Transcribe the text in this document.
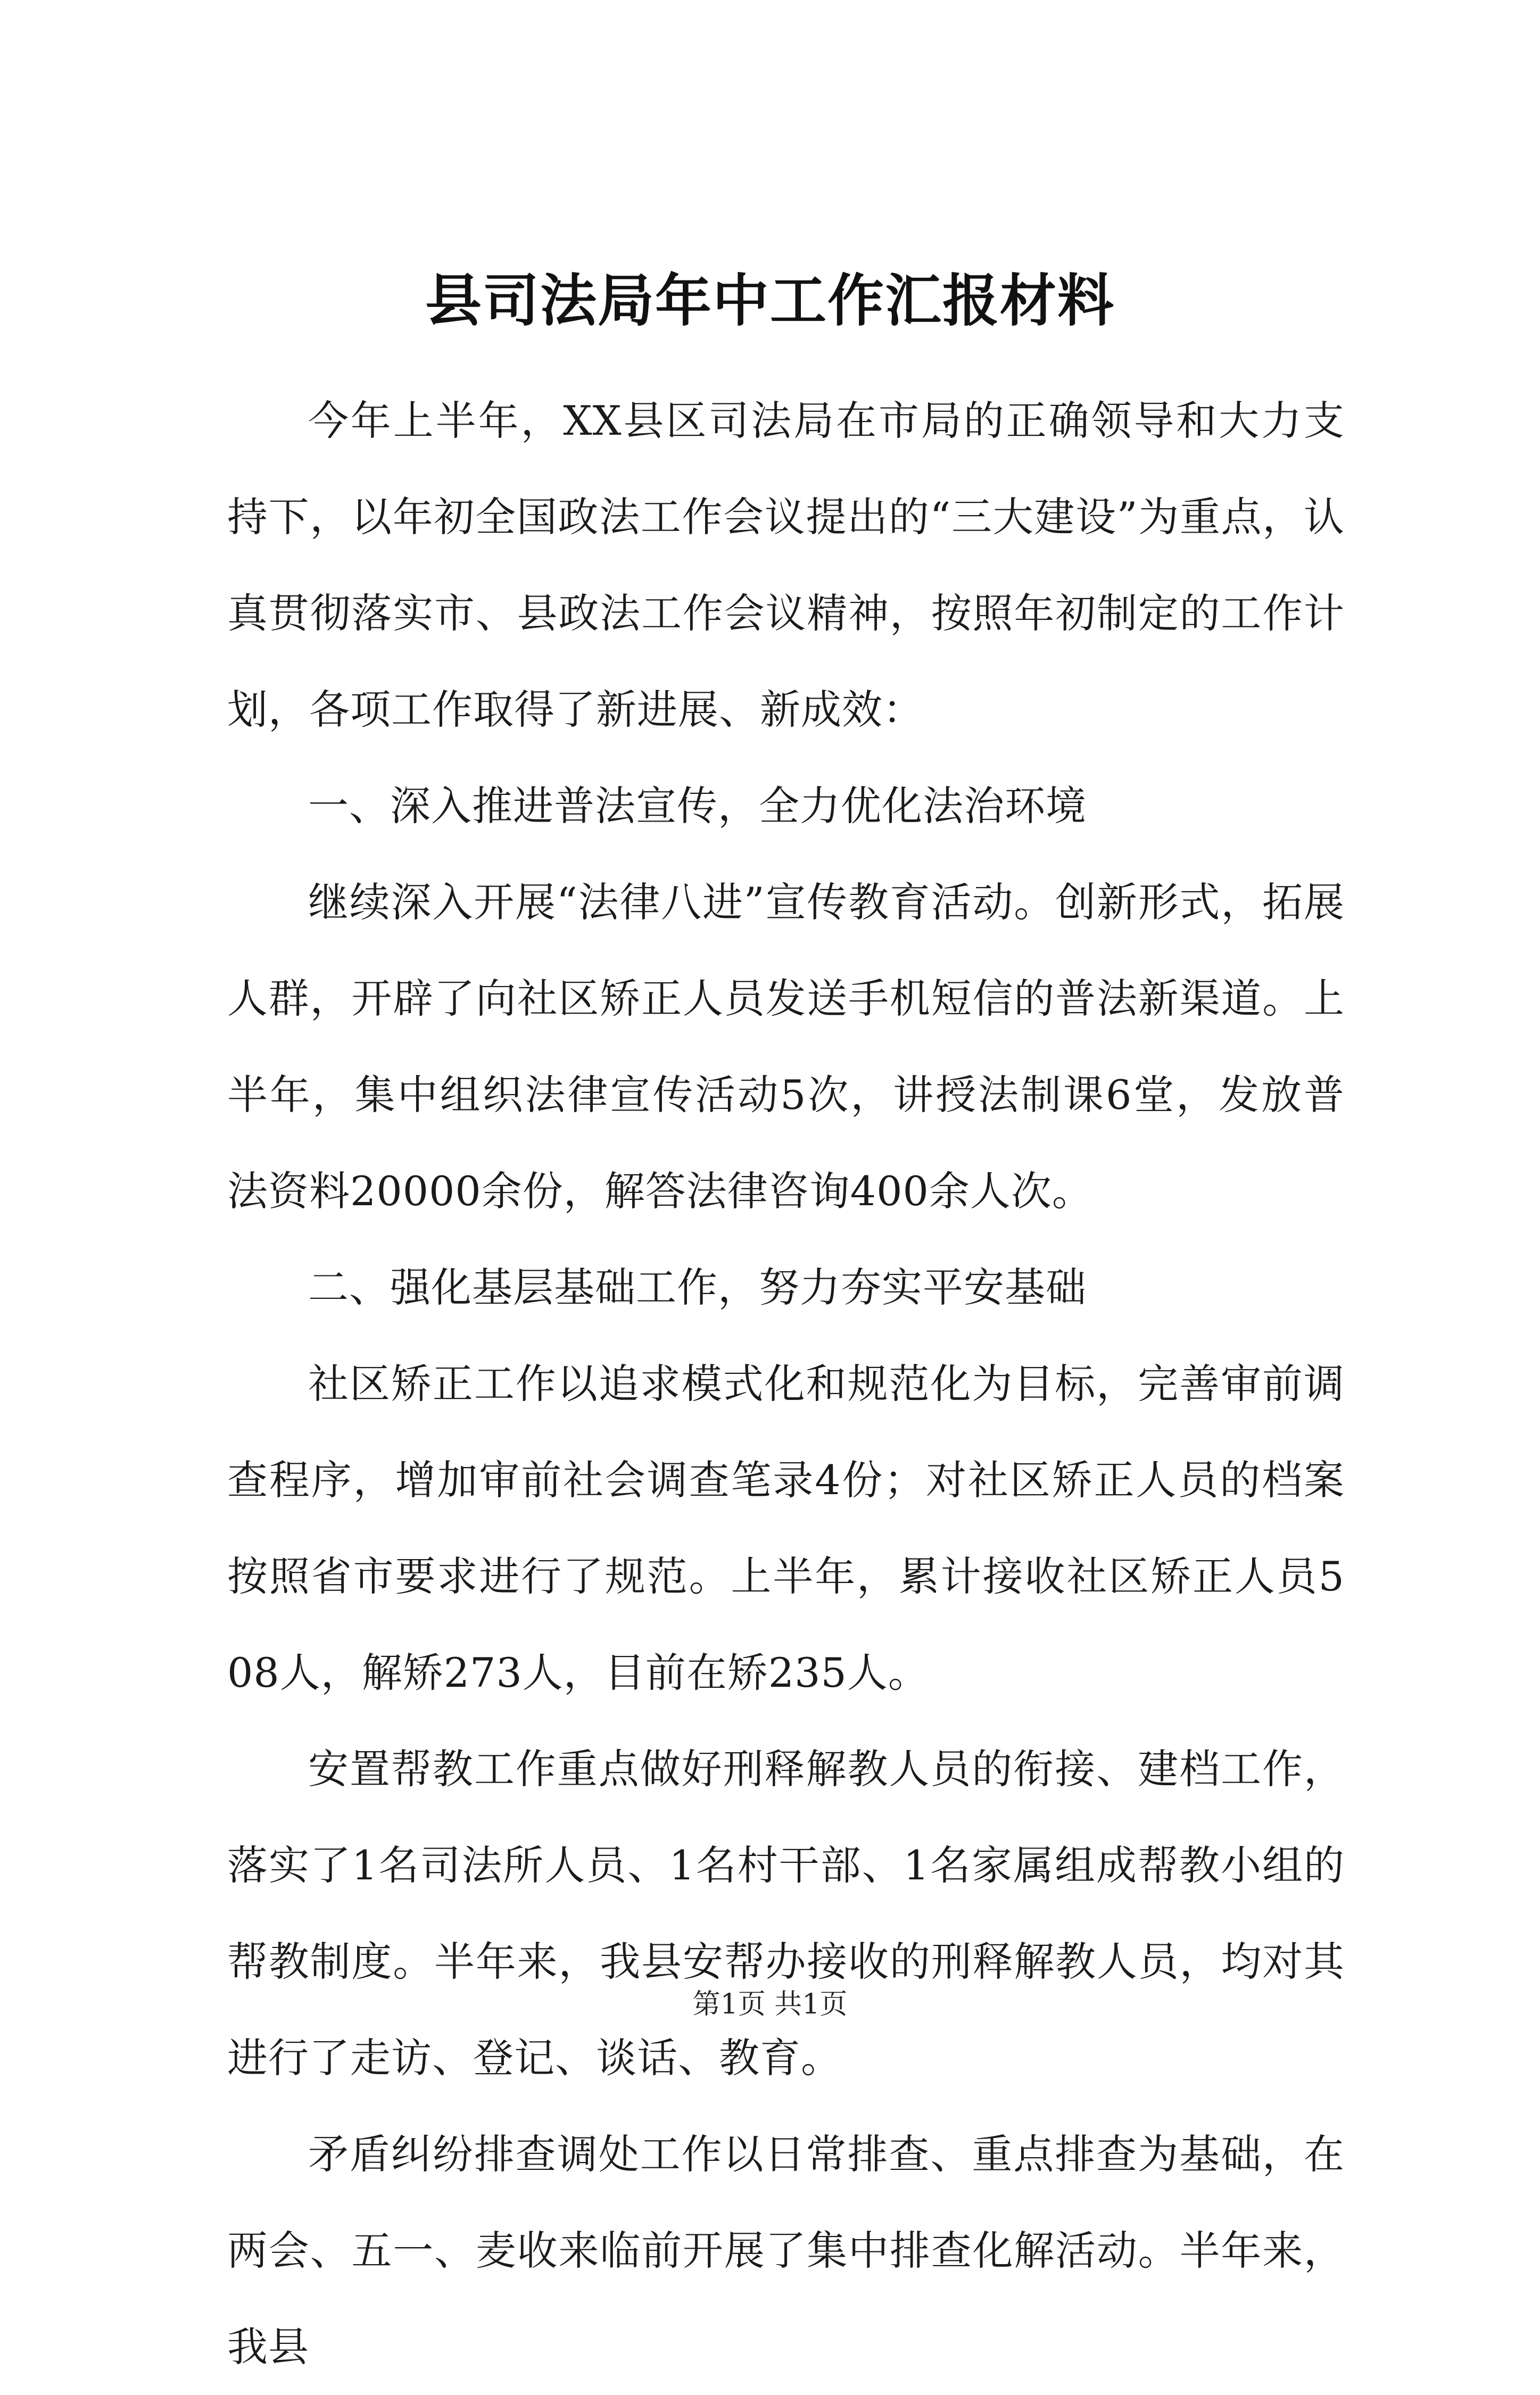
县司法局年中工作汇报材料

今年上半年，XX县区司法局在市局的正确领导和大力支持下，以年初全国政法工作会议提出的“三大建设”为重点，认真贯彻落实市、县政法工作会议精神，按照年初制定的工作计划，各项工作取得了新进展、新成效：

一、深入推进普法宣传，全力优化法治环境

继续深入开展“法律八进”宣传教育活动。创新形式，拓展人群，开辟了向社区矫正人员发送手机短信的普法新渠道。上半年，集中组织法律宣传活动5次，讲授法制课6堂，发放普法资料20000余份，解答法律咨询400余人次。

二、强化基层基础工作，努力夯实平安基础

社区矫正工作以追求模式化和规范化为目标，完善审前调查程序，增加审前社会调查笔录4份；对社区矫正人员的档案按照省市要求进行了规范。上半年，累计接收社区矫正人员508人，解矫273人，目前在矫235人。

安置帮教工作重点做好刑释解教人员的衔接、建档工作，落实了1名司法所人员、1名村干部、1名家属组成帮教小组的帮教制度。半年来，我县安帮办接收的刑释解教人员，均对其进行了走访、登记、谈话、教育。

矛盾纠纷排查调处工作以日常排查、重点排查为基础，在两会、五一、麦收来临前开展了集中排查化解活动。半年来，我县

第1页 共1页
